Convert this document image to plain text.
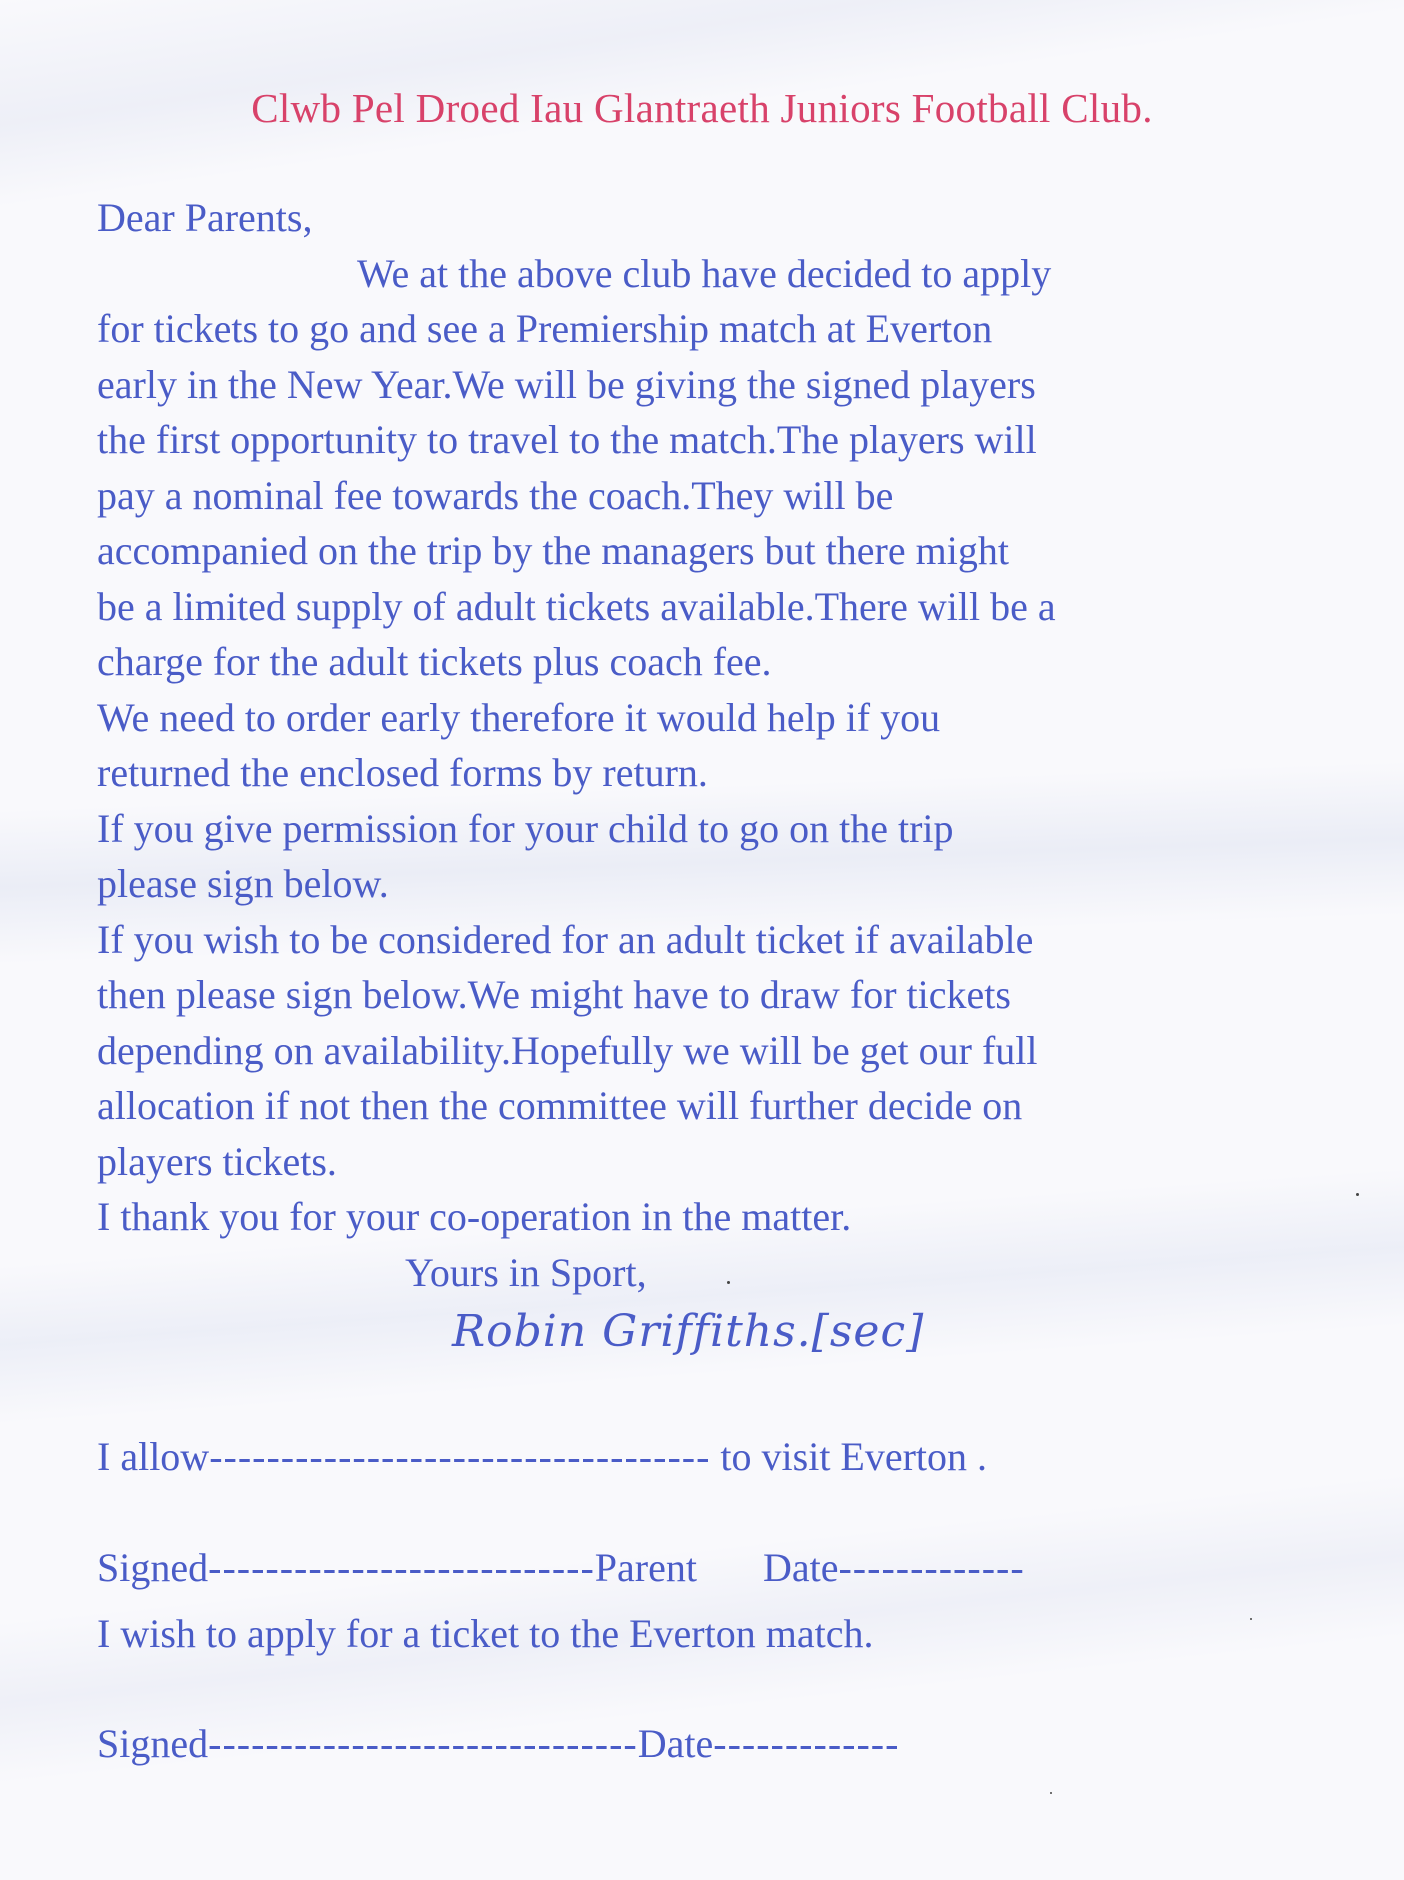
Clwb Pel Droed Iau Glantraeth Juniors Football Club.

Dear Parents,

We at the above club have decided to apply

for tickets to go and see a Premiership match at Everton

early in the New Year.We will be giving the signed players

the first opportunity to travel to the match.The players will

pay a nominal fee towards the coach.They will be

accompanied on the trip by the managers but there might

be a limited supply of adult tickets available.There will be a

charge for the adult tickets plus coach fee.

We need to order early therefore it would help if you

returned the enclosed forms by return.

If you give permission for your child to go on the trip

please sign below.

If you wish to be considered for an adult ticket if available

then please sign below.We might have to draw for tickets

depending on availability.Hopefully we will be get our full

allocation if not then the committee will further decide on

players tickets.

I thank you for your co-operation in the matter.

Yours in Sport,

Robin Griffiths.[sec]
I allow----------------------------------- to visit Everton .
Signed---------------------------Parent Date-------------
I wish to apply for a ticket to the Everton match.
Signed------------------------------Date-------------
